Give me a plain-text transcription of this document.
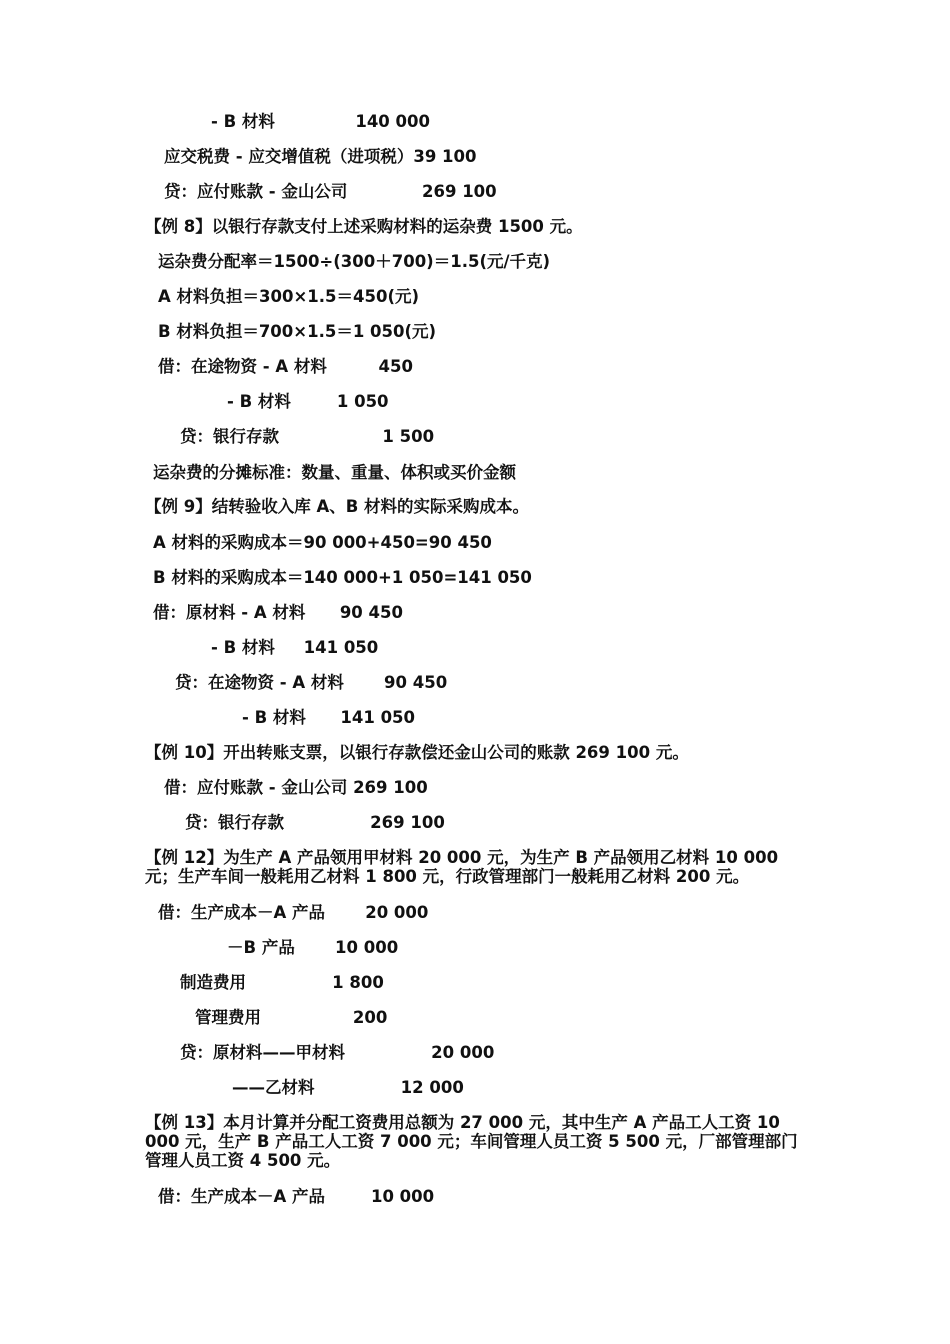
- B 材料              140 000
应交税费 - 应交增值税（进项税）39 100
贷：应付账款 - 金山公司             269 100
【例 8】以银行存款支付上述采购材料的运杂费 1500 元。
运杂费分配率＝1500÷(300＋700)＝1.5(元/千克)
A 材料负担＝300×1.5＝450(元)
B 材料负担＝700×1.5＝1 050(元)
借：在途物资 - A 材料         450
- B 材料        1 050
贷：银行存款                  1 500
运杂费的分摊标准：数量、重量、体积或买价金额
【例 9】结转验收入库 A、B 材料的实际采购成本。
A 材料的采购成本＝90 000+450=90 450
B 材料的采购成本＝140 000+1 050=141 050
借：原材料 - A 材料      90 450
- B 材料     141 050
贷：在途物资 - A 材料       90 450
- B 材料      141 050
【例 10】开出转账支票，以银行存款偿还金山公司的账款 269 100 元。
借：应付账款 - 金山公司 269 100
贷：银行存款               269 100
【例 12】为生产 A 产品领用甲材料 20 000 元，为生产 B 产品领用乙材料 10 000 元；生产车间一般耗用乙材料 1 800 元，行政管理部门一般耗用乙材料 200 元。
借：生产成本－A 产品       20 000
－B 产品       10 000
制造费用               1 800
管理费用                200
贷：原材料——甲材料               20 000
——乙材料               12 000
【例 13】本月计算并分配工资费用总额为 27 000 元，其中生产 A 产品工人工资 10 000 元，生产 B 产品工人工资 7 000 元；车间管理人员工资 5 500 元，厂部管理部门管理人员工资 4 500 元。
借：生产成本－A 产品        10 000
